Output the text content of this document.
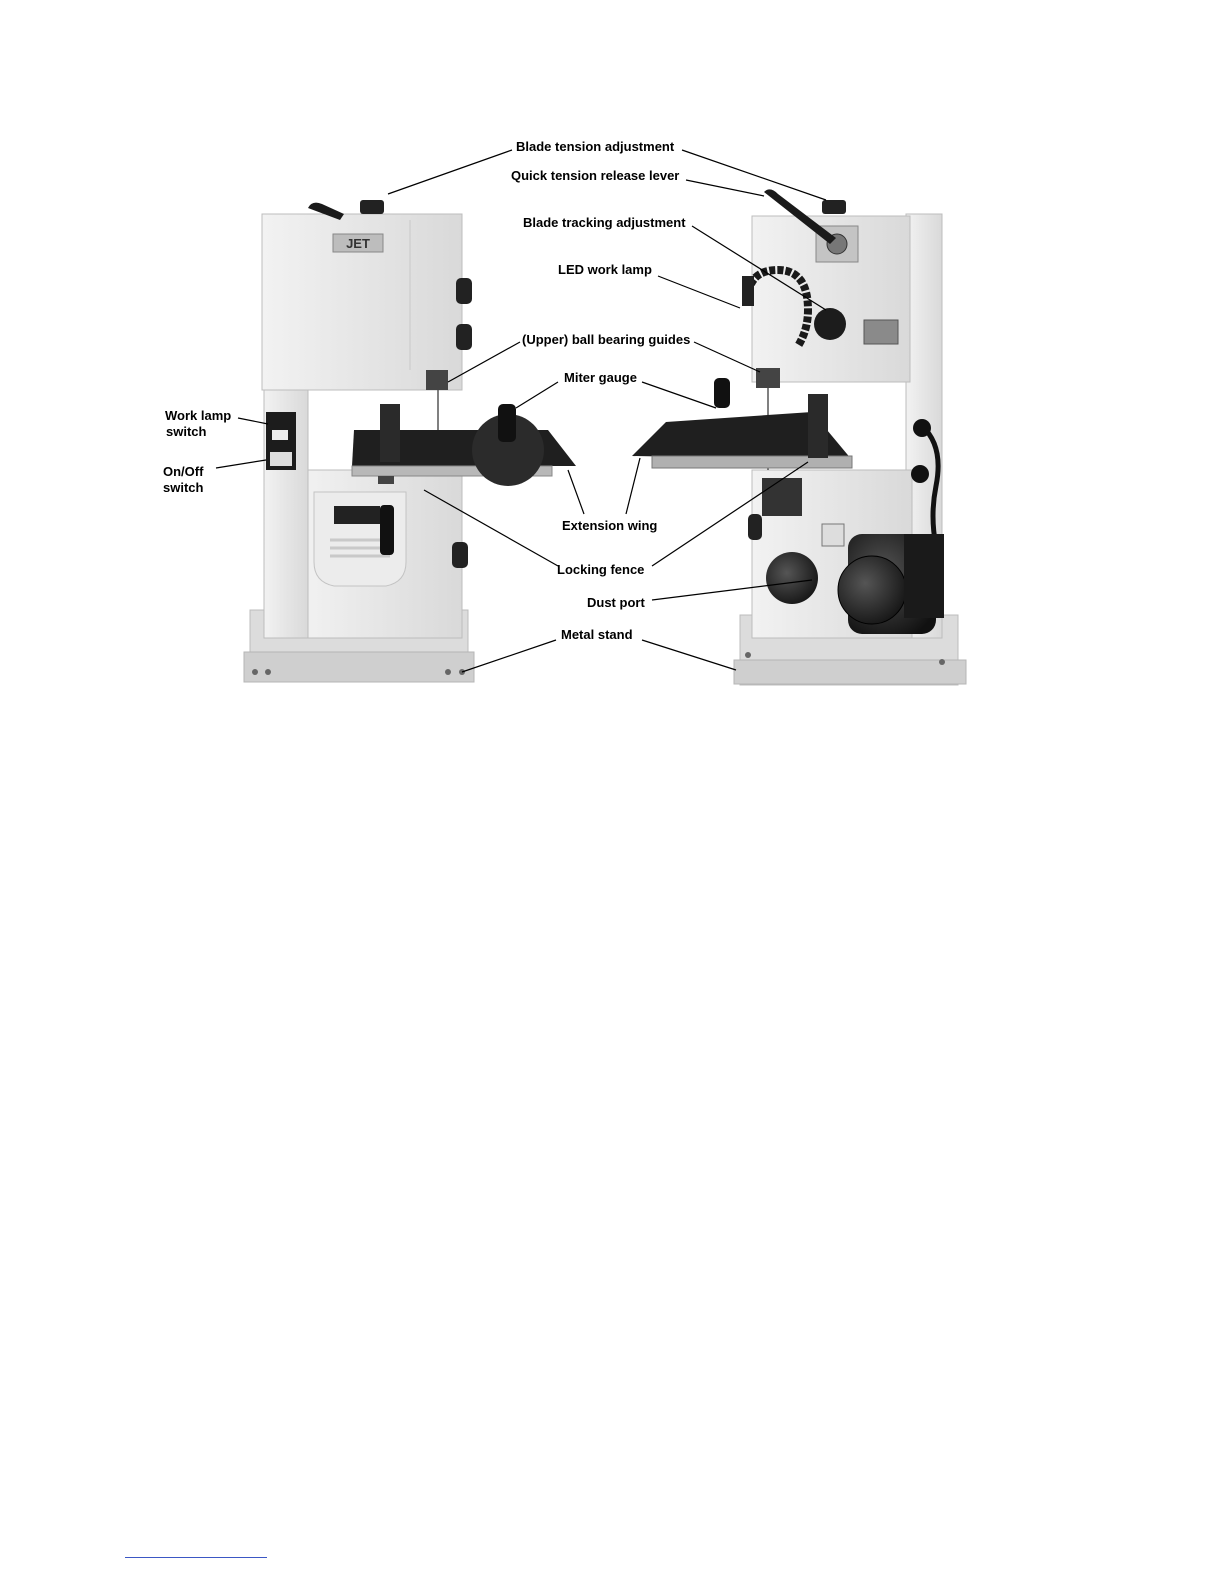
JET

Blade tension adjustment

Quick tension release lever

Blade tracking adjustment

LED work lamp

(Upper) ball bearing guides

Miter gauge

Work lamp

switch

On/Off

switch

Extension wing

Locking fence

Dust port

Metal stand
